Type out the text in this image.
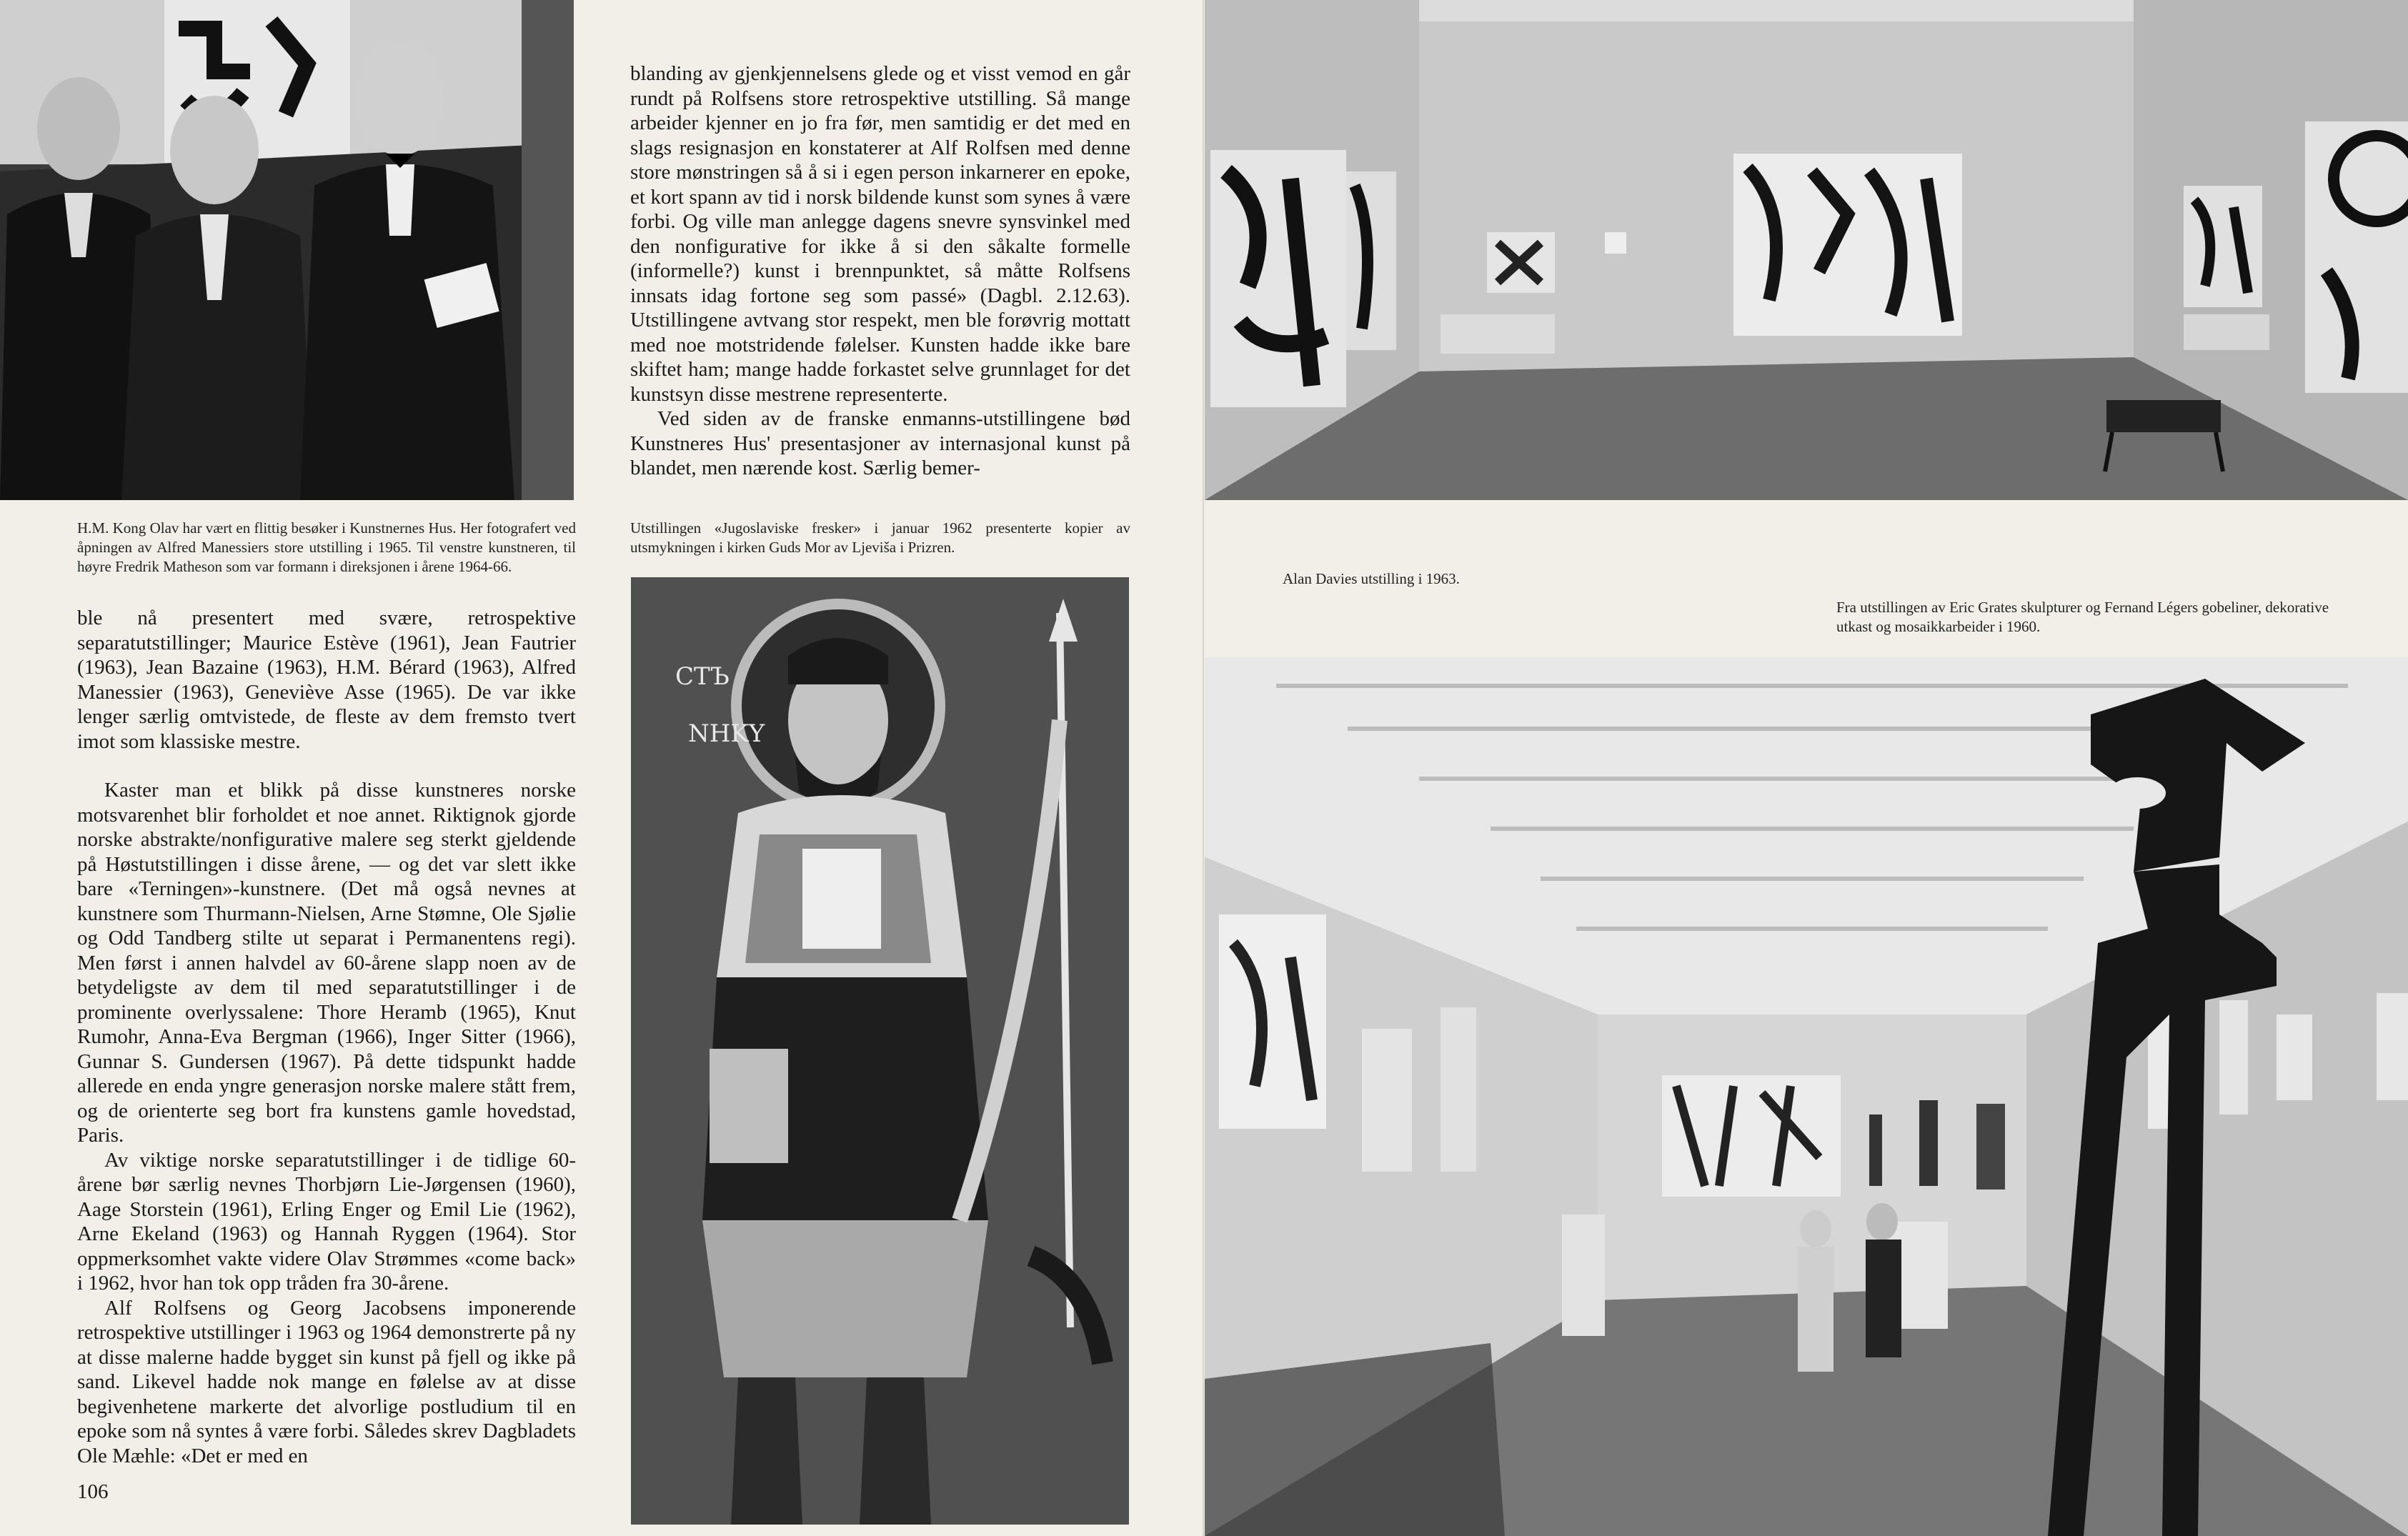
H.M. Kong Olav har vært en flittig besøker i Kunstnernes Hus. Her fotografert ved åpningen av Alfred Manessiers store utstilling i 1965. Til venstre kunstneren, til høyre Fredrik Matheson som var formann i direksjonen i årene 1964-66.

ble nå presentert med svære, retrospektive separatutstillinger; Maurice Estève (1961), Jean Fautrier (1963), Jean Bazaine (1963), H.M. Bérard (1963), Alfred Manessier (1963), Geneviève Asse (1965). De var ikke lenger særlig omtvistede, de fleste av dem fremsto tvert imot som klassiske mestre.

Kaster man et blikk på disse kunstneres norske motsvarenhet blir forholdet et noe annet. Riktignok gjorde norske abstrakte/nonfigurative malere seg sterkt gjeldende på Høstutstillingen i disse årene, — og det var slett ikke bare «Terningen»-kunstnere. (Det må også nevnes at kunstnere som Thurmann-Nielsen, Arne Stømne, Ole Sjølie og Odd Tandberg stilte ut separat i Permanentens regi). Men først i annen halvdel av 60-årene slapp noen av de betydeligste av dem til med separatutstillinger i de prominente overlyssalene: Thore Heramb (1965), Knut Rumohr, Anna-Eva Bergman (1966), Inger Sitter (1966), Gunnar S. Gundersen (1967). På dette tidspunkt hadde allerede en enda yngre generasjon norske malere stått frem, og de orienterte seg bort fra kunstens gamle hovedstad, Paris.

Av viktige norske separatutstillinger i de tidlige 60-årene bør særlig nevnes Thorbjørn Lie-Jørgensen (1960), Aage Storstein (1961), Erling Enger og Emil Lie (1962), Arne Ekeland (1963) og Hannah Ryggen (1964). Stor oppmerksomhet vakte videre Olav Strømmes «come back» i 1962, hvor han tok opp tråden fra 30-årene.

Alf Rolfsens og Georg Jacobsens imponerende retrospektive utstillinger i 1963 og 1964 demonstrerte på ny at disse malerne hadde bygget sin kunst på fjell og ikke på sand. Likevel hadde nok mange en følelse av at disse begivenhetene markerte det alvorlige postludium til en epoke som nå syntes å være forbi. Således skrev Dagbladets Ole Mæhle: «Det er med en

106

blanding av gjenkjennelsens glede og et visst vemod en går rundt på Rolfsens store retrospektive utstilling. Så mange arbeider kjenner en jo fra før, men samtidig er det med en slags resignasjon en konstaterer at Alf Rolfsen med denne store mønstringen så å si i egen person inkarnerer en epoke, et kort spann av tid i norsk bildende kunst som synes å være forbi. Og ville man anlegge dagens snevre synsvinkel med den nonfigurative for ikke å si den såkalte formelle (informelle?) kunst i brennpunktet, så måtte Rolfsens innsats idag fortone seg som passé» (Dagbl. 2.12.63). Utstillingene avtvang stor respekt, men ble forøvrig mottatt med noe motstridende følelser. Kunsten hadde ikke bare skiftet ham; mange hadde forkastet selve grunnlaget for det kunstsyn disse mestrene representerte.

Ved siden av de franske enmanns-utstillingene bød Kunstneres Hus' presentasjoner av internasjonal kunst på blandet, men nærende kost. Særlig bemer-

Utstillingen «Jugoslaviske fresker» i januar 1962 presenterte kopier av utsmykningen i kirken Guds Mor av Ljeviša i Prizren.
СТЪ
ΝΗΚΥ
Alan Davies utstilling i 1963.
Fra utstillingen av Eric Grates skulpturer og Fernand Légers gobeliner, dekorative utkast og mosaikkarbeider i 1960.
